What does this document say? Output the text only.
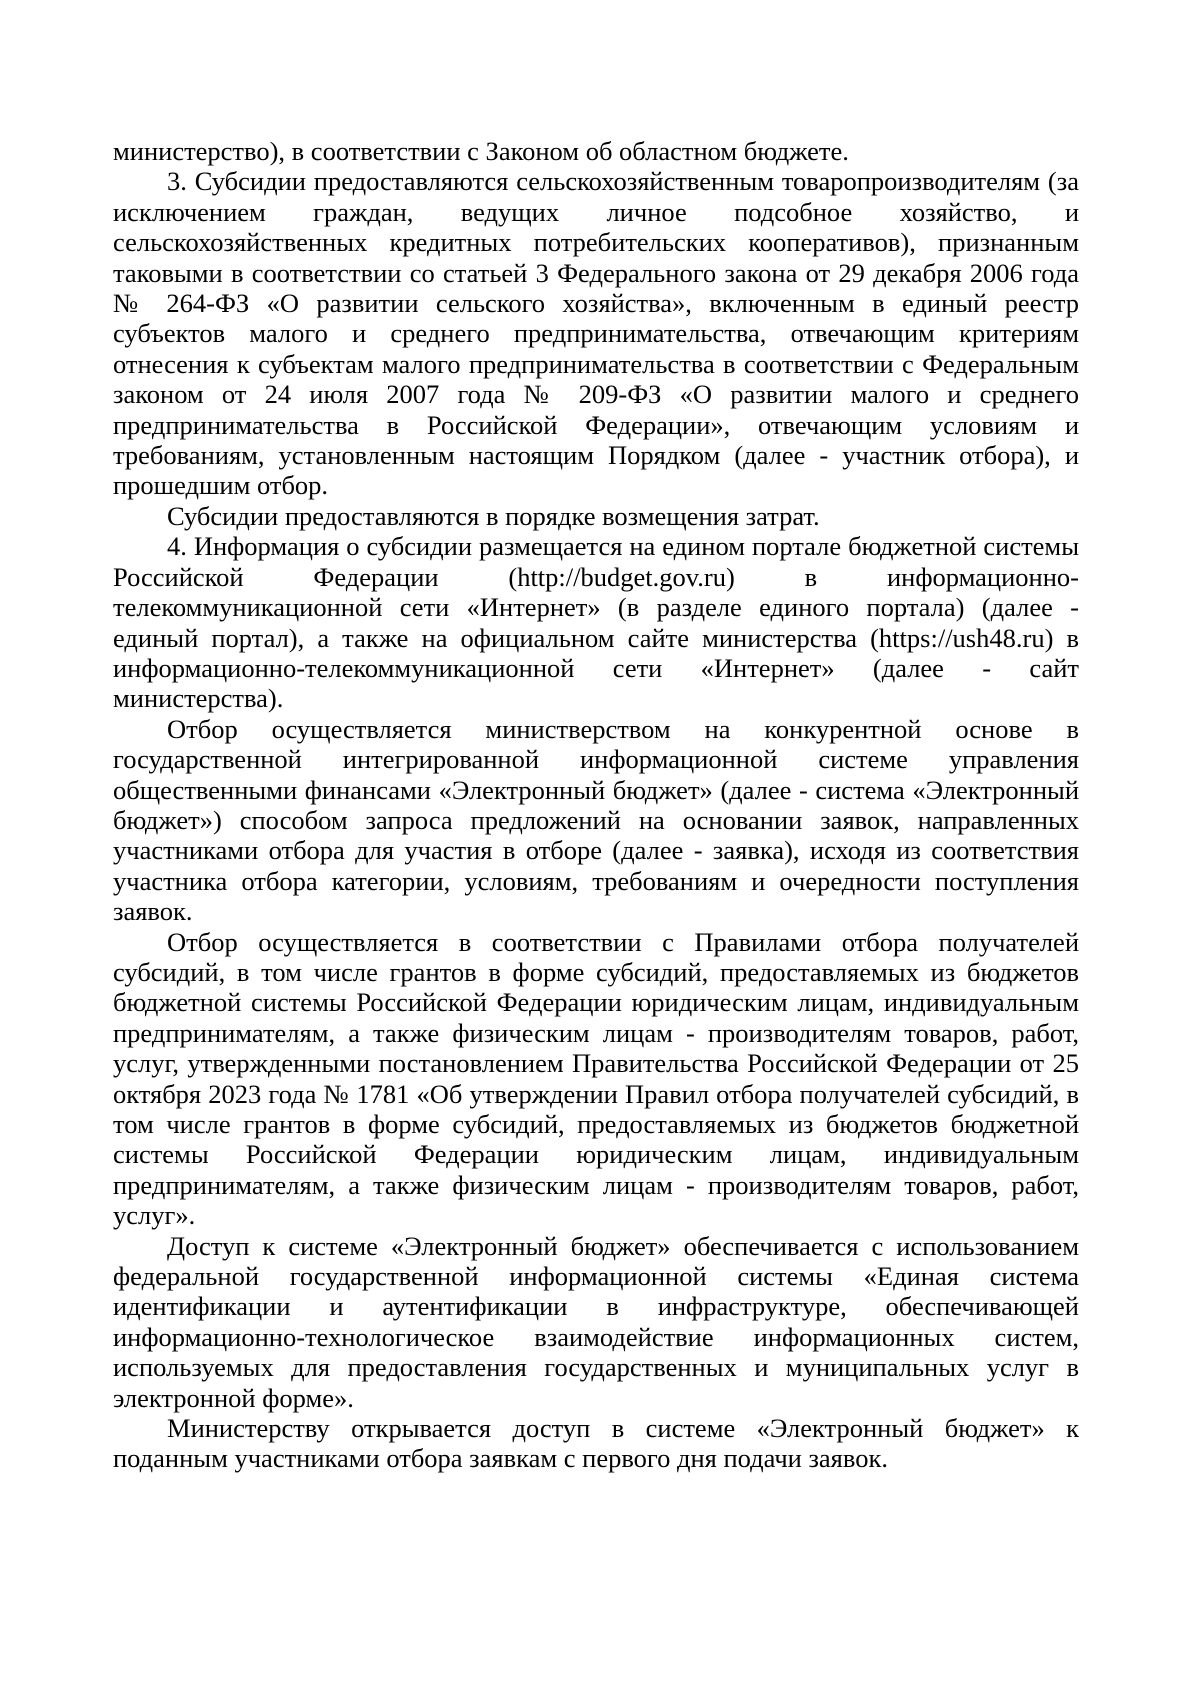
министерство), в соответствии с Законом об областном бюджете.

3. Субсидии предоставляются сельскохозяйственным товаропроизводителям (за исключением граждан, ведущих личное подсобное хозяйство, и сельскохозяйственных кредитных потребительских кооперативов), признанным таковыми в соответствии со статьей 3 Федерального закона от 29 декабря 2006 года № 264-ФЗ «О развитии сельского хозяйства», включенным в единый реестр субъектов малого и среднего предпринимательства, отвечающим критериям отнесения к субъектам малого предпринимательства в соответствии с Федеральным законом от 24 июля 2007 года № 209-ФЗ «О развитии малого и среднего предпринимательства в Российской Федерации», отвечающим условиям и требованиям, установленным настоящим Порядком (далее - участник отбора), и прошедшим отбор.

Субсидии предоставляются в порядке возмещения затрат.

4. Информация о субсидии размещается на едином портале бюджетной системы Российской Федерации (http://budget.gov.ru) в информационно-телекоммуникационной сети «Интернет» (в разделе единого портала) (далее - единый портал), а также на официальном сайте министерства (https://ush48.ru) в информационно-телекоммуникационной сети «Интернет» (далее - сайт министерства).

Отбор осуществляется министверством на конкурентной основе в государственной интегрированной информационной системе управления общественными финансами «Электронный бюджет» (далее - система «Электронный бюджет») способом запроса предложений на основании заявок, направленных участниками отбора для участия в отборе (далее - заявка), исходя из соответствия участника отбора категории, условиям, требованиям и очередности поступления заявок.

Отбор осуществляется в соответствии с Правилами отбора получателей субсидий, в том числе грантов в форме субсидий, предоставляемых из бюджетов бюджетной системы Российской Федерации юридическим лицам, индивидуальным предпринимателям, а также физическим лицам - производителям товаров, работ, услуг, утвержденными постановлением Правительства Российской Федерации от 25 октября 2023 года № 1781 «Об утверждении Правил отбора получателей субсидий, в том числе грантов в форме субсидий, предоставляемых из бюджетов бюджетной системы Российской Федерации юридическим лицам, индивидуальным предпринимателям, а также физическим лицам - производителям товаров, работ, услуг».

Доступ к системе «Электронный бюджет» обеспечивается с использованием федеральной государственной информационной системы «Единая система идентификации и аутентификации в инфраструктуре, обеспечивающей информационно-технологическое взаимодействие информационных систем, используемых для предоставления государственных и муниципальных услуг в электронной форме».

Министерству открывается доступ в системе «Электронный бюджет» к поданным участниками отбора заявкам с первого дня подачи заявок.
